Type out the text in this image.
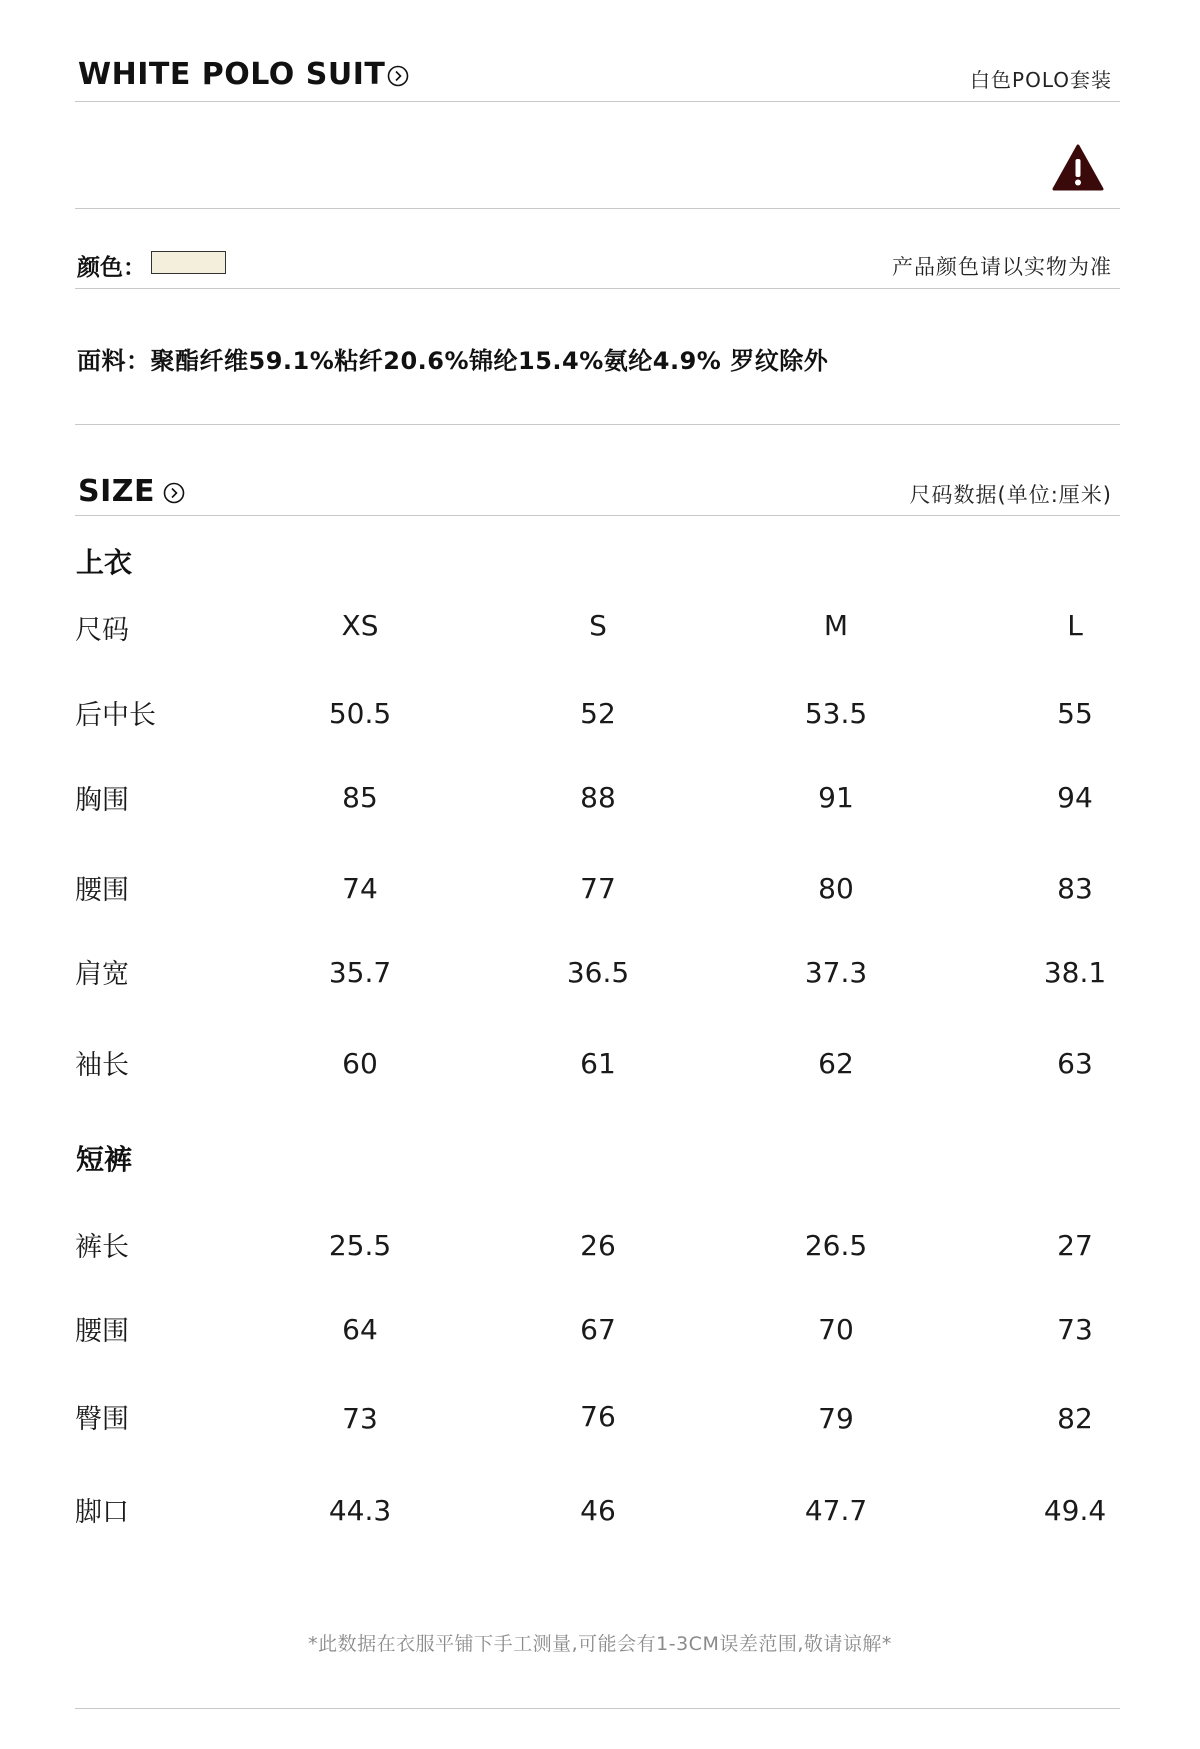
WHITE POLO SUIT	白色POLO套装
颜色：	产品颜色请以实物为准
面料：聚酯纤维59.1%粘纤20.6%锦纶15.4%氨纶4.9% 罗纹除外
SIZE	尺码数据(单位:厘米)
上衣
尺码	XS	S	M	L
后中长	50.5	52	53.5	55
胸围	85	88	91	94
腰围	74	77	80	83
肩宽	35.7	36.5	37.3	38.1
袖长	60	61	62	63
短裤
裤长	25.5	26	26.5	27
腰围	64	67	70	73
臀围	73	76	79	82
脚口	44.3	46	47.7	49.4
*此数据在衣服平铺下手工测量,可能会有1-3CM误差范围,敬请谅解*
